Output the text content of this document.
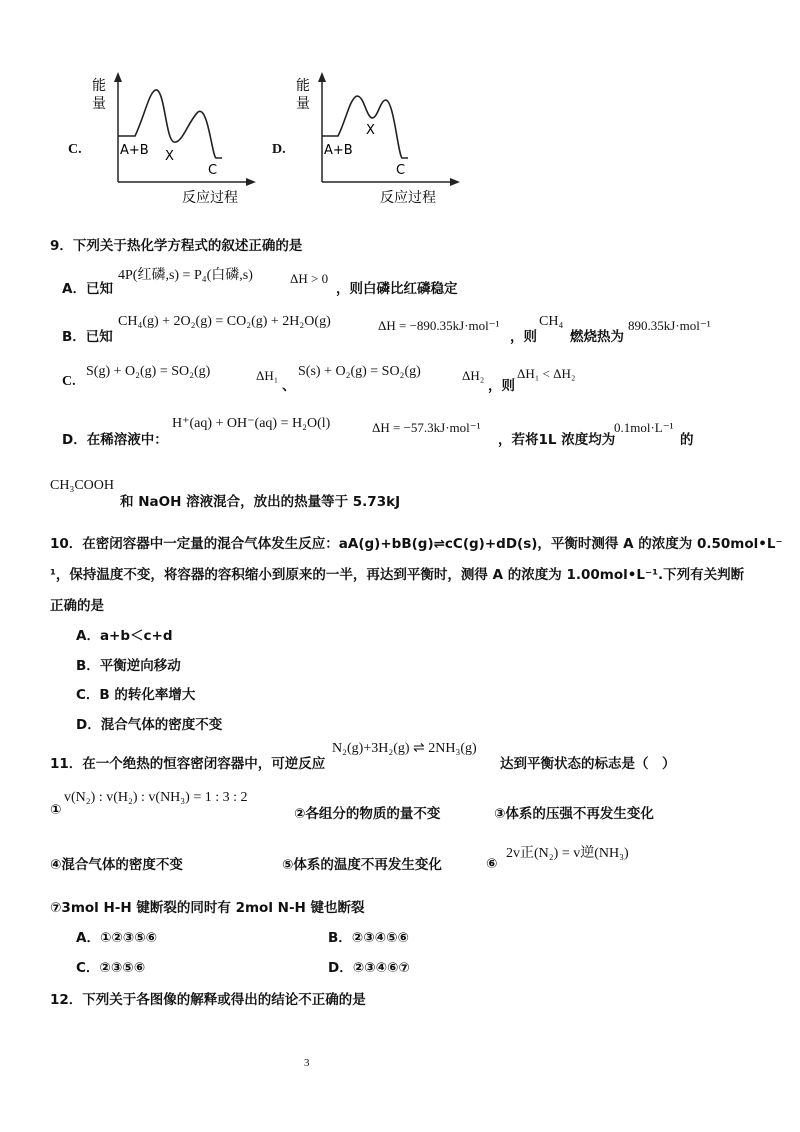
C.
能
量
A+B X
C
反应过程
D.
能
量
A+B
X
C
反应过程
9．下列关于热化学方程式的叙述正确的是
A．已知
4P(红磷,s) = P₄(白磷,s)	ΔH > 0
，则白磷比红磷稳定
B．已知
CH₄(g) + 2O₂(g) = CO₂(g) + 2H₂O(g)	ΔH = −890.35kJ·mol⁻¹
，则
CH₄
燃烧热为
890.35kJ·mol⁻¹
C.
S(g) + O₂(g) = SO₂(g)	ΔH₁
、
S(s) + O₂(g) = SO₂(g)	ΔH₂
，则
ΔH₁ < ΔH₂
D．在稀溶液中：
H⁺(aq) + OH⁻(aq) = H₂O(l)	ΔH = −57.3kJ·mol⁻¹
，若将1L 浓度均为
0.1mol·L⁻¹
的
CH₃COOH
和 NaOH 溶液混合，放出的热量等于 5.73kJ
10．在密闭容器中一定量的混合气体发生反应：aA(g)+bB(g)⇌cC(g)+dD(s)，平衡时测得 A 的浓度为 0.50mol•L⁻
¹，保持温度不变，将容器的容积缩小到原来的一半，再达到平衡时，测得 A 的浓度为 1.00mol•L⁻¹.下列有关判断
正确的是
A．a+b＜c+d
B．平衡逆向移动
C．B 的转化率增大
D．混合气体的密度不变
11．在一个绝热的恒容密闭容器中，可逆反应
N₂(g)+3H₂(g) ⇌ 2NH₃(g)
达到平衡状态的标志是（　）
①
v(N₂) : v(H₂) : v(NH₃) = 1 : 3 : 2
②各组分的物质的量不变	③体系的压强不再发生变化
④混合气体的密度不变	⑤体系的温度不再发生变化	⑥
2v正(N₂) = v逆(NH₃)
⑦3mol H-H 键断裂的同时有 2mol N-H 键也断裂
A．①②③⑤⑥	B．②③④⑤⑥
C．②③⑤⑥	D．②③④⑥⑦
12．下列关于各图像的解释或得出的结论不正确的是
3
